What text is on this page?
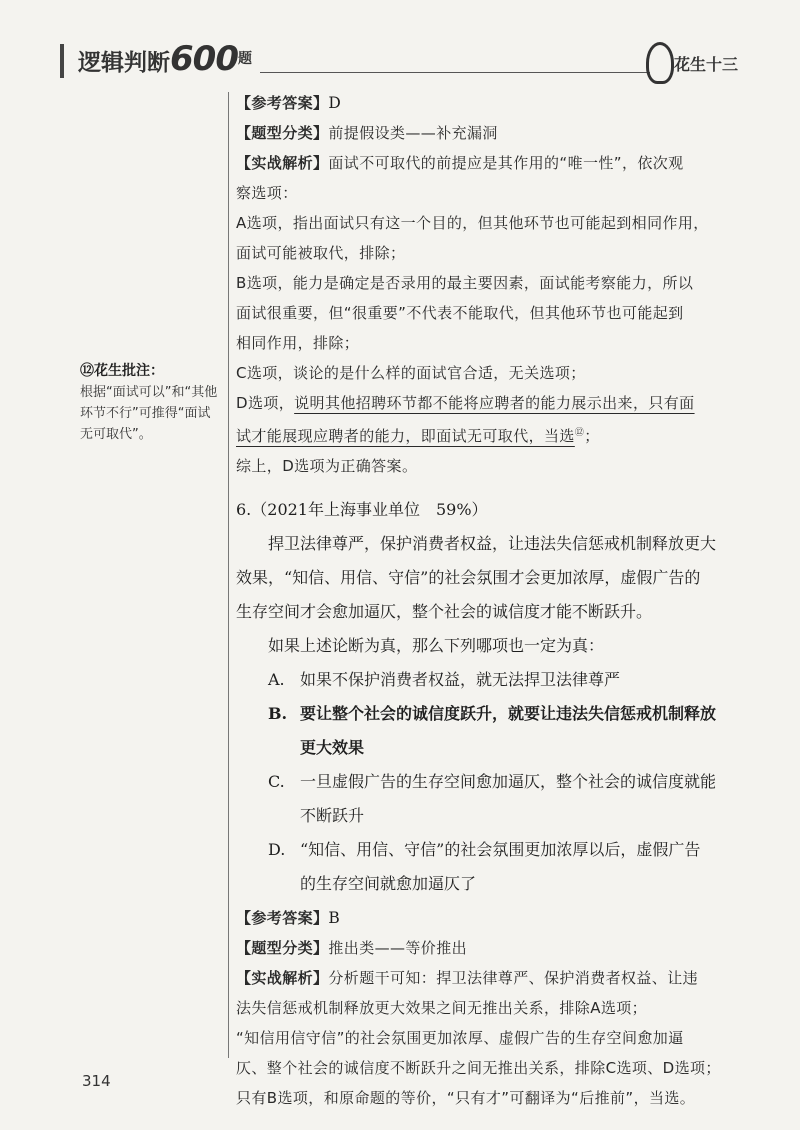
逻辑判断$600^题$	花生十三
【参考答案】D
【题型分类】前提假设类——补充漏洞
【实战解析】面试不可取代的前提应是其作用的“唯一性”，依次观
察选项：
A选项，指出面试只有这一个目的，但其他环节也可能起到相同作用，
面试可能被取代，排除；
B选项，能力是确定是否录用的最主要因素，面试能考察能力，所以
面试很重要，但“很重要”不代表不能取代，但其他环节也可能起到
相同作用，排除；
C选项，谈论的是什么样的面试官合适，无关选项；
D选项，说明其他招聘环节都不能将应聘者的能力展示出来，只有面
试才能展现应聘者的能力，即面试无可取代，当选⑫；
综上，D选项为正确答案。
6.（2021年上海事业单位　59%）
捍卫法律尊严，保护消费者权益，让违法失信惩戒机制释放更大
效果，“知信、用信、守信”的社会氛围才会更加浓厚，虚假广告的
生存空间才会愈加逼仄，整个社会的诚信度才能不断跃升。
如果上述论断为真，那么下列哪项也一定为真：
A. 如果不保护消费者权益，就无法捍卫法律尊严
B. 要让整个社会的诚信度跃升，就要让违法失信惩戒机制释放
更大效果
C. 一旦虚假广告的生存空间愈加逼仄，整个社会的诚信度就能
不断跃升
D. “知信、用信、守信”的社会氛围更加浓厚以后，虚假广告
的生存空间就愈加逼仄了
【参考答案】B
【题型分类】推出类——等价推出
【实战解析】分析题干可知：捍卫法律尊严、保护消费者权益、让违
法失信惩戒机制释放更大效果之间无推出关系，排除A选项；
“知信用信守信”的社会氛围更加浓厚、虚假广告的生存空间愈加逼
仄、整个社会的诚信度不断跃升之间无推出关系，排除C选项、D选项；
只有B选项，和原命题的等价，“只有才”可翻译为“后推前”，当选。
⑫花生批注：
根据“面试可以”和“其他环节不行”可推得“面试无可取代”。
314
